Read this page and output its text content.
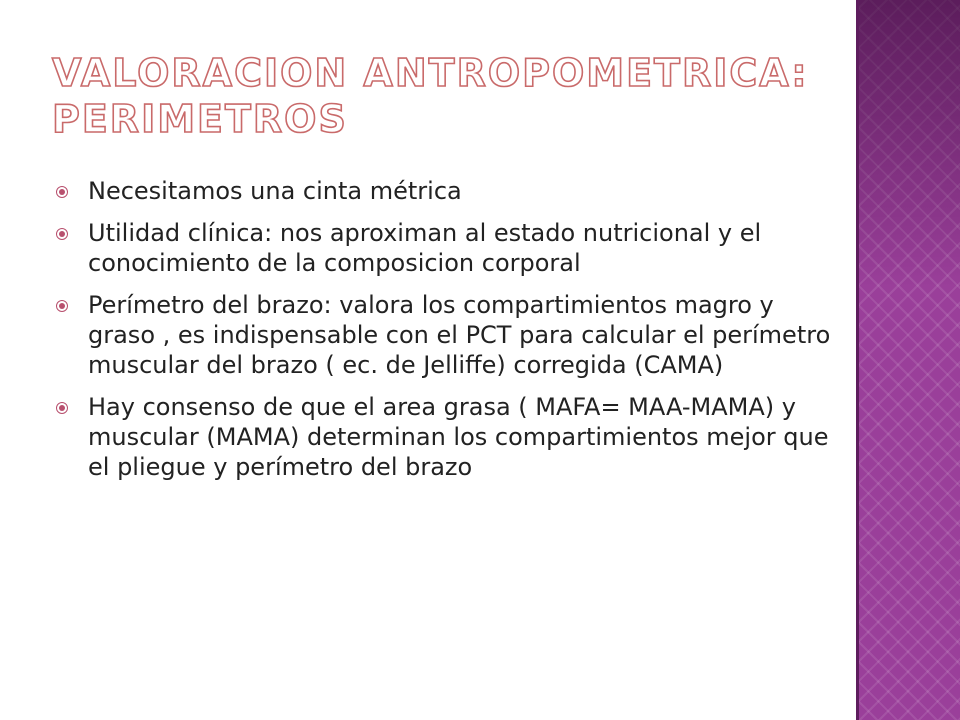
VALORACION ANTROPOMETRICA:
PERIMETROS
Necesitamos una cinta métrica
Utilidad clínica: nos aproximan al estado nutricional y el conocimiento de la composicion corporal
Perímetro del brazo: valora los compartimientos magro y graso , es indispensable con el PCT para calcular el perímetro muscular del brazo ( ec. de Jelliffe) corregida (CAMA)
Hay consenso de que el area grasa ( MAFA= MAA-MAMA) y muscular (MAMA) determinan los compartimientos mejor que el pliegue y perímetro del brazo
